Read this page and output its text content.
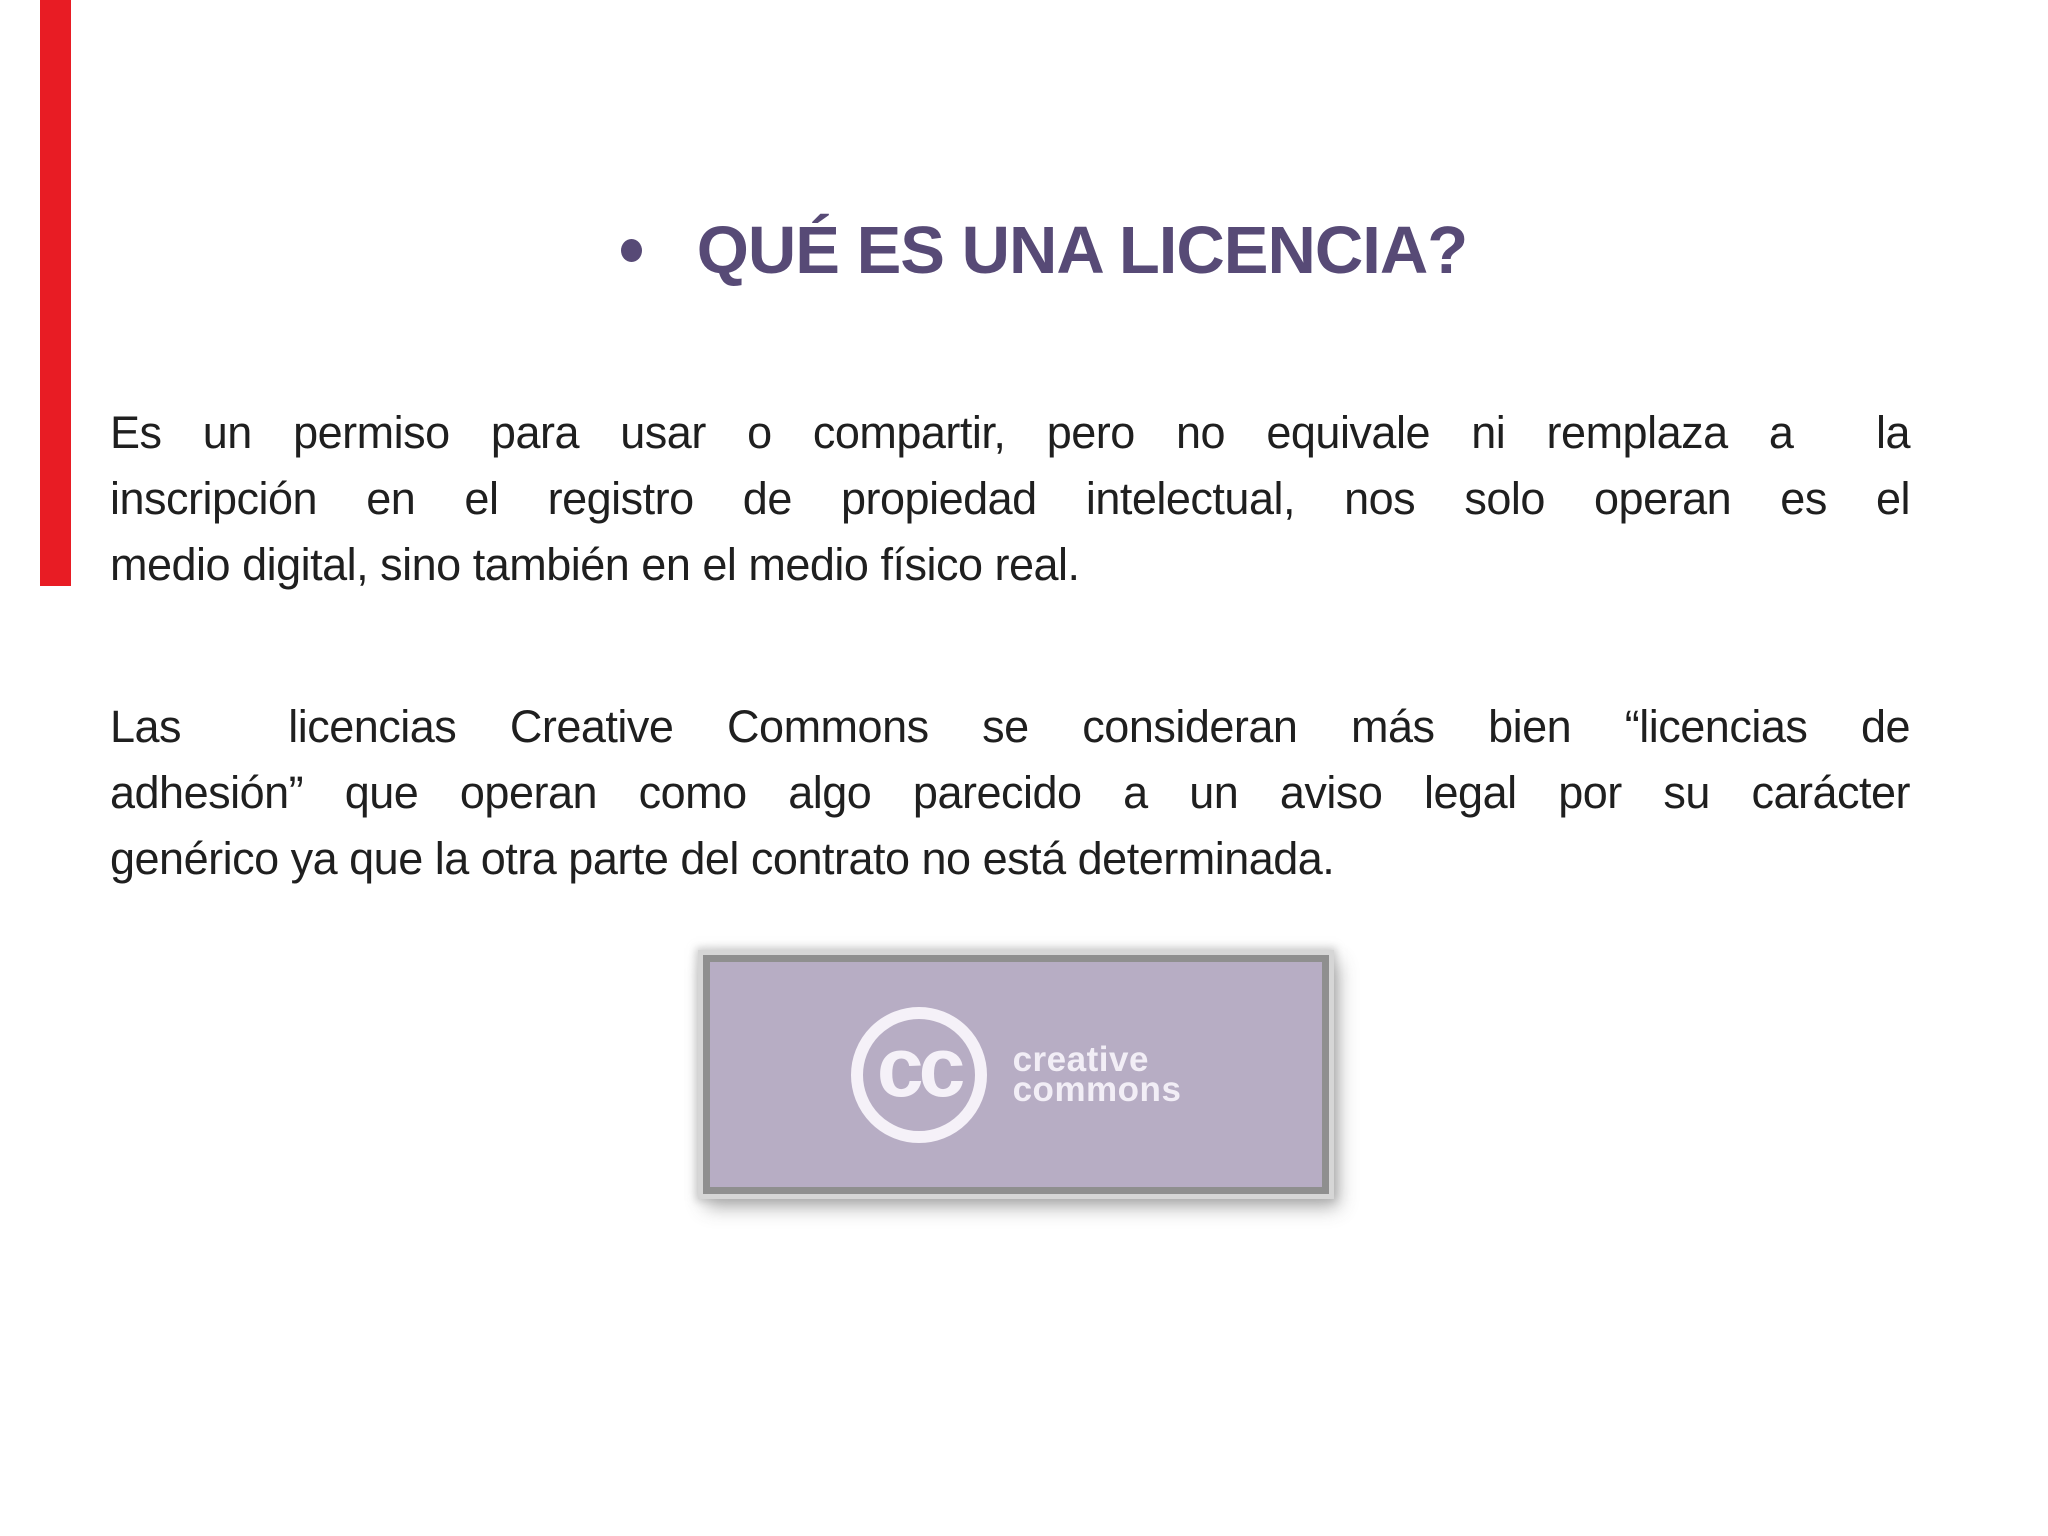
QUÉ ES UNA LICENCIA?
Es un permiso para usar o compartir, pero no equivale ni remplaza a  la
inscripción en el registro de propiedad intelectual, nos solo operan es el
medio digital, sino también en el medio físico real.
Las  licencias Creative Commons se consideran más bien “licencias de
adhesión” que operan como algo parecido a un aviso legal por su carácter
genérico ya que la otra parte del contrato no está determinada.
cc creative
commons
